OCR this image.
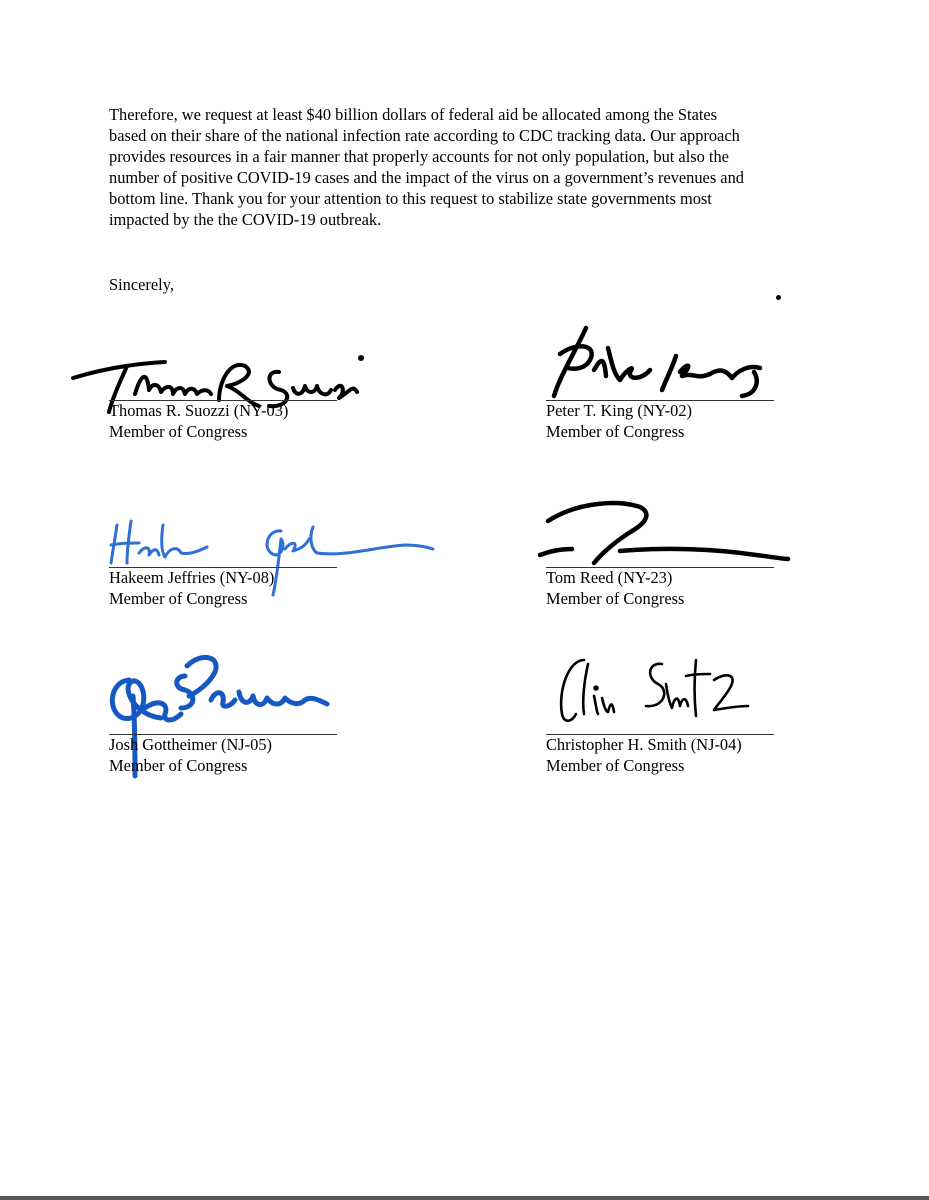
Therefore, we request at least $40 billion dollars of federal aid be allocated among the States
based on their share of the national infection rate according to CDC tracking data. Our approach
provides resources in a fair manner that properly accounts for not only population, but also the
number of positive COVID-19 cases and the impact of the virus on a government’s revenues and
bottom line. Thank you for your attention to this request to stabilize state governments most
impacted by the the COVID-19 outbreak.
Sincerely,
Thomas R. Suozzi (NY-03)
Member of Congress
Peter T. King (NY-02)
Member of Congress
Hakeem Jeffries (NY-08)
Member of Congress
Tom Reed (NY-23)
Member of Congress
Josh Gottheimer (NJ-05)
Member of Congress
Christopher H. Smith (NJ-04)
Member of Congress
